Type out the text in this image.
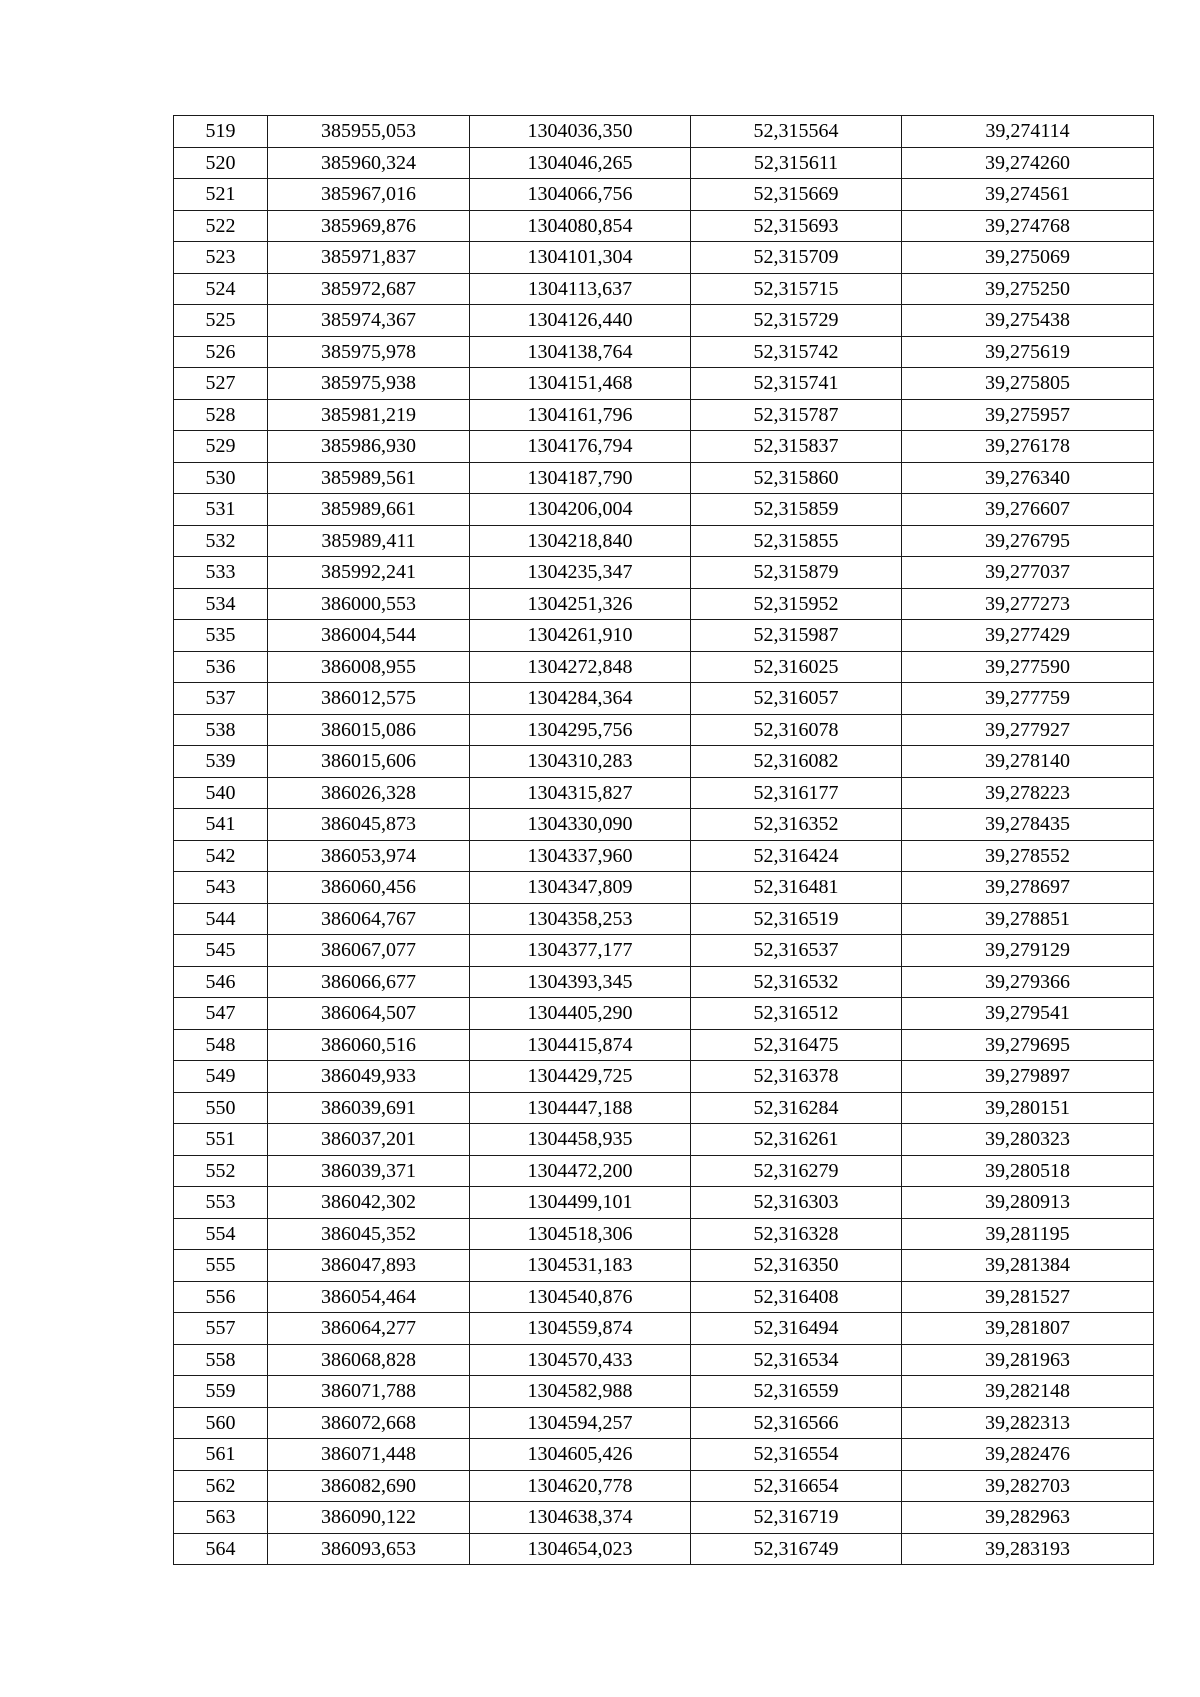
519	385955,053	1304036,350	52,315564	39,274114
520	385960,324	1304046,265	52,315611	39,274260
521	385967,016	1304066,756	52,315669	39,274561
522	385969,876	1304080,854	52,315693	39,274768
523	385971,837	1304101,304	52,315709	39,275069
524	385972,687	1304113,637	52,315715	39,275250
525	385974,367	1304126,440	52,315729	39,275438
526	385975,978	1304138,764	52,315742	39,275619
527	385975,938	1304151,468	52,315741	39,275805
528	385981,219	1304161,796	52,315787	39,275957
529	385986,930	1304176,794	52,315837	39,276178
530	385989,561	1304187,790	52,315860	39,276340
531	385989,661	1304206,004	52,315859	39,276607
532	385989,411	1304218,840	52,315855	39,276795
533	385992,241	1304235,347	52,315879	39,277037
534	386000,553	1304251,326	52,315952	39,277273
535	386004,544	1304261,910	52,315987	39,277429
536	386008,955	1304272,848	52,316025	39,277590
537	386012,575	1304284,364	52,316057	39,277759
538	386015,086	1304295,756	52,316078	39,277927
539	386015,606	1304310,283	52,316082	39,278140
540	386026,328	1304315,827	52,316177	39,278223
541	386045,873	1304330,090	52,316352	39,278435
542	386053,974	1304337,960	52,316424	39,278552
543	386060,456	1304347,809	52,316481	39,278697
544	386064,767	1304358,253	52,316519	39,278851
545	386067,077	1304377,177	52,316537	39,279129
546	386066,677	1304393,345	52,316532	39,279366
547	386064,507	1304405,290	52,316512	39,279541
548	386060,516	1304415,874	52,316475	39,279695
549	386049,933	1304429,725	52,316378	39,279897
550	386039,691	1304447,188	52,316284	39,280151
551	386037,201	1304458,935	52,316261	39,280323
552	386039,371	1304472,200	52,316279	39,280518
553	386042,302	1304499,101	52,316303	39,280913
554	386045,352	1304518,306	52,316328	39,281195
555	386047,893	1304531,183	52,316350	39,281384
556	386054,464	1304540,876	52,316408	39,281527
557	386064,277	1304559,874	52,316494	39,281807
558	386068,828	1304570,433	52,316534	39,281963
559	386071,788	1304582,988	52,316559	39,282148
560	386072,668	1304594,257	52,316566	39,282313
561	386071,448	1304605,426	52,316554	39,282476
562	386082,690	1304620,778	52,316654	39,282703
563	386090,122	1304638,374	52,316719	39,282963
564	386093,653	1304654,023	52,316749	39,283193
